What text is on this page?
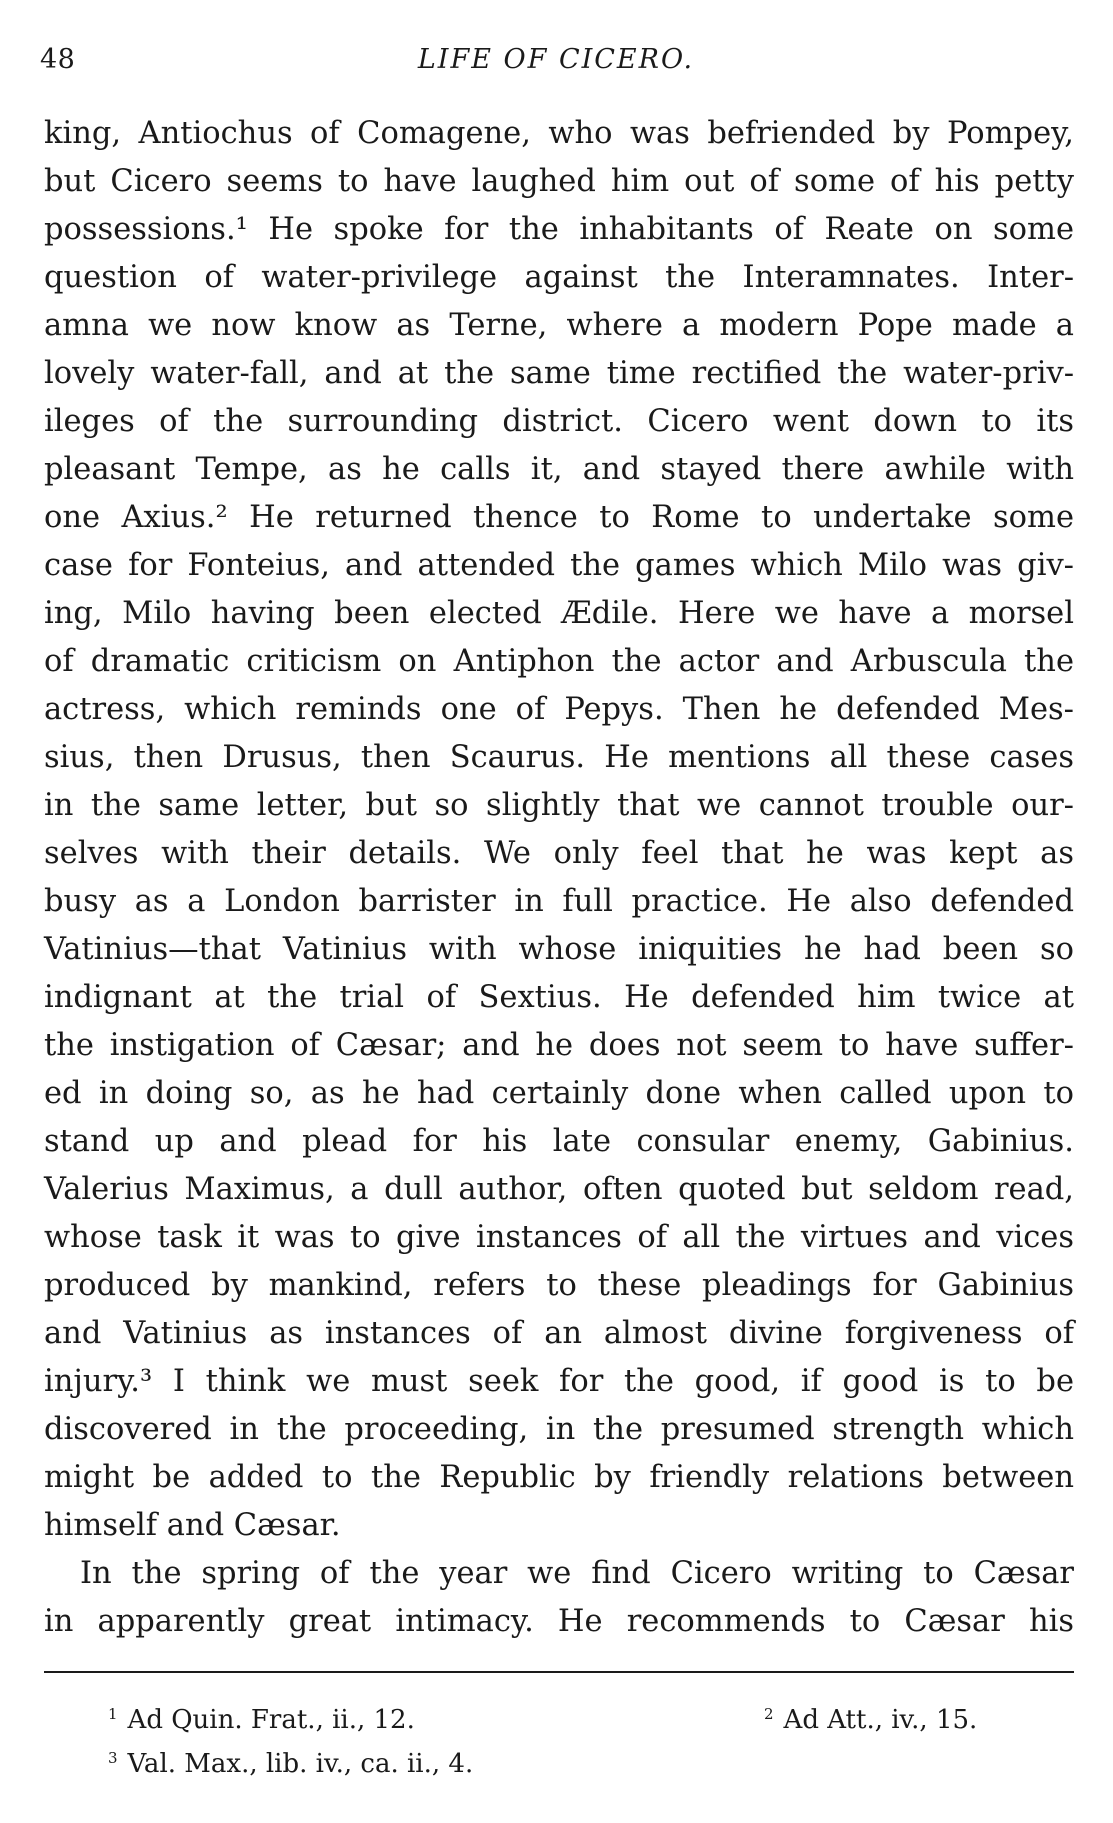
48	LIFE OF CICERO.
king, Antiochus of Comagene, who was befriended by Pompey,
but Cicero seems to have laughed him out of some of his petty
possessions.¹ He spoke for the inhabitants of Reate on some
question of water-privilege against the Interamnates. Inter-
amna we now know as Terne, where a modern Pope made a
lovely water-fall, and at the same time rectified the water-priv-
ileges of the surrounding district. Cicero went down to its
pleasant Tempe, as he calls it, and stayed there awhile with
one Axius.² He returned thence to Rome to undertake some
case for Fonteius, and attended the games which Milo was giv-
ing, Milo having been elected Ædile. Here we have a morsel
of dramatic criticism on Antiphon the actor and Arbuscula the
actress, which reminds one of Pepys. Then he defended Mes-
sius, then Drusus, then Scaurus. He mentions all these cases
in the same letter, but so slightly that we cannot trouble our-
selves with their details. We only feel that he was kept as
busy as a London barrister in full practice. He also defended
Vatinius—that Vatinius with whose iniquities he had been so
indignant at the trial of Sextius. He defended him twice at
the instigation of Cæsar; and he does not seem to have suffer-
ed in doing so, as he had certainly done when called upon to
stand up and plead for his late consular enemy, Gabinius.
Valerius Maximus, a dull author, often quoted but seldom read,
whose task it was to give instances of all the virtues and vices
produced by mankind, refers to these pleadings for Gabinius
and Vatinius as instances of an almost divine forgiveness of
injury.³ I think we must seek for the good, if good is to be
discovered in the proceeding, in the presumed strength which
might be added to the Republic by friendly relations between
himself and Cæsar.
In the spring of the year we find Cicero writing to Cæsar
in apparently great intimacy. He recommends to Cæsar his
$^1$ Ad Quin. Frat., ii., 12.	$^2$ Ad Att., iv., 15.
$^3$ Val. Max., lib. iv., ca. ii., 4.
